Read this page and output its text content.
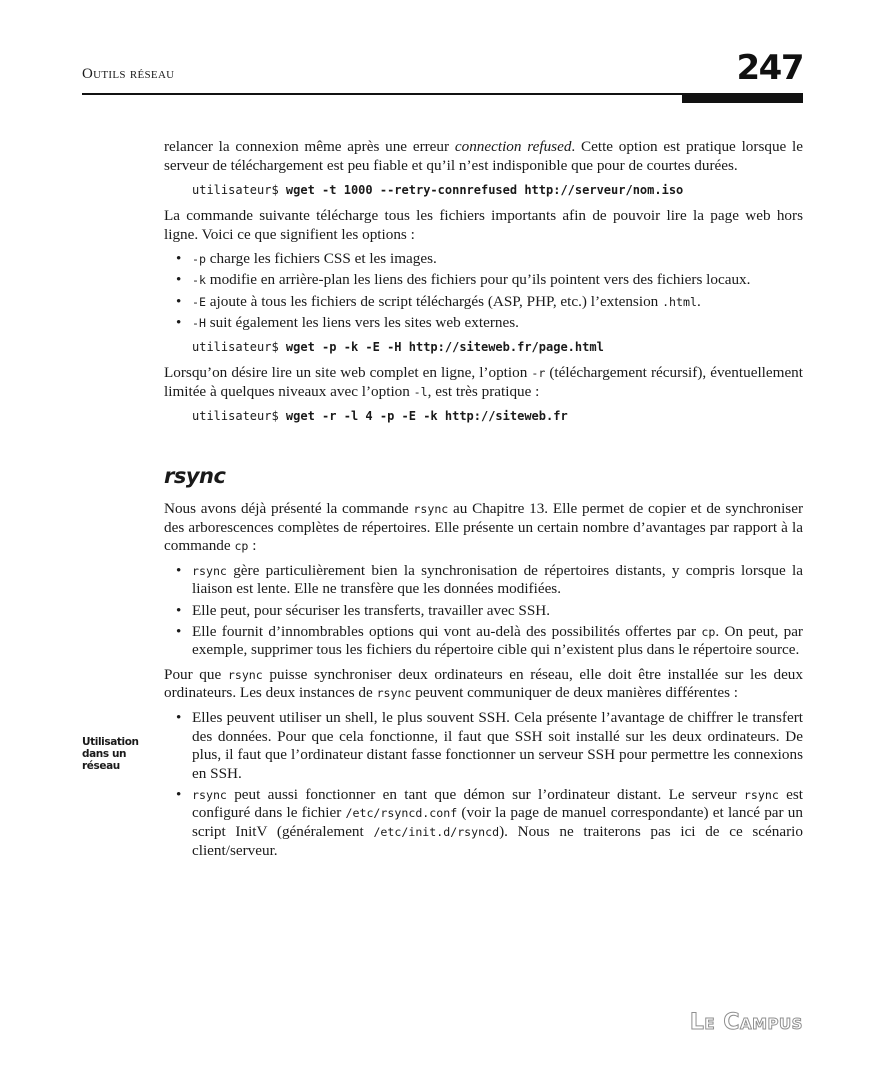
Outils réseau	247
Utilisation dans un réseau

relancer la connexion même après une erreur connection refused. Cette option est pratique lorsque le serveur de téléchargement est peu fiable et qu’il n’est indisponible que pour de courtes durées.

utilisateur$ wget -t 1000 --retry-connrefused http://serveur/nom.iso

La commande suivante télécharge tous les fichiers importants afin de pouvoir lire la page web hors ligne. Voici ce que signifient les options :

• -p charge les fichiers CSS et les images.
• -k modifie en arrière-plan les liens des fichiers pour qu’ils pointent vers des fichiers locaux.
• -E ajoute à tous les fichiers de script téléchargés (ASP, PHP, etc.) l’extension .html.
• -H suit également les liens vers les sites web externes.
utilisateur$ wget -p -k -E -H http://siteweb.fr/page.html

Lorsqu’on désire lire un site web complet en ligne, l’option -r (téléchargement récursif), éventuellement limitée à quelques niveaux avec l’option -l, est très pratique :

utilisateur$ wget -r -l 4 -p -E -k http://siteweb.fr
rsync

Nous avons déjà présenté la commande rsync au Chapitre 13. Elle permet de copier et de synchroniser des arborescences complètes de répertoires. Elle présente un certain nombre d’avantages par rapport à la commande cp :

• rsync gère particulièrement bien la synchronisation de répertoires distants, y compris lorsque la liaison est lente. Elle ne transfère que les données modifiées.
• Elle peut, pour sécuriser les transferts, travailler avec SSH.
• Elle fournit d’innombrables options qui vont au-delà des possibilités offertes par cp. On peut, par exemple, supprimer tous les fichiers du répertoire cible qui n’existent plus dans le répertoire source.

Pour que rsync puisse synchroniser deux ordinateurs en réseau, elle doit être installée sur les deux ordinateurs. Les deux instances de rsync peuvent communiquer de deux manières différentes :

• Elles peuvent utiliser un shell, le plus souvent SSH. Cela présente l’avantage de chiffrer le transfert des données. Pour que cela fonctionne, il faut que SSH soit installé sur les deux ordinateurs. De plus, il faut que l’ordinateur distant fasse fonctionner un serveur SSH pour permettre les connexions en SSH.
• rsync peut aussi fonctionner en tant que démon sur l’ordinateur distant. Le serveur rsync est configuré dans le fichier /etc/rsyncd.conf (voir la page de manuel correspondante) et lancé par un script InitV (généralement /etc/init.d/rsyncd). Nous ne traiterons pas ici de ce scénario client/serveur.
Le Campus
